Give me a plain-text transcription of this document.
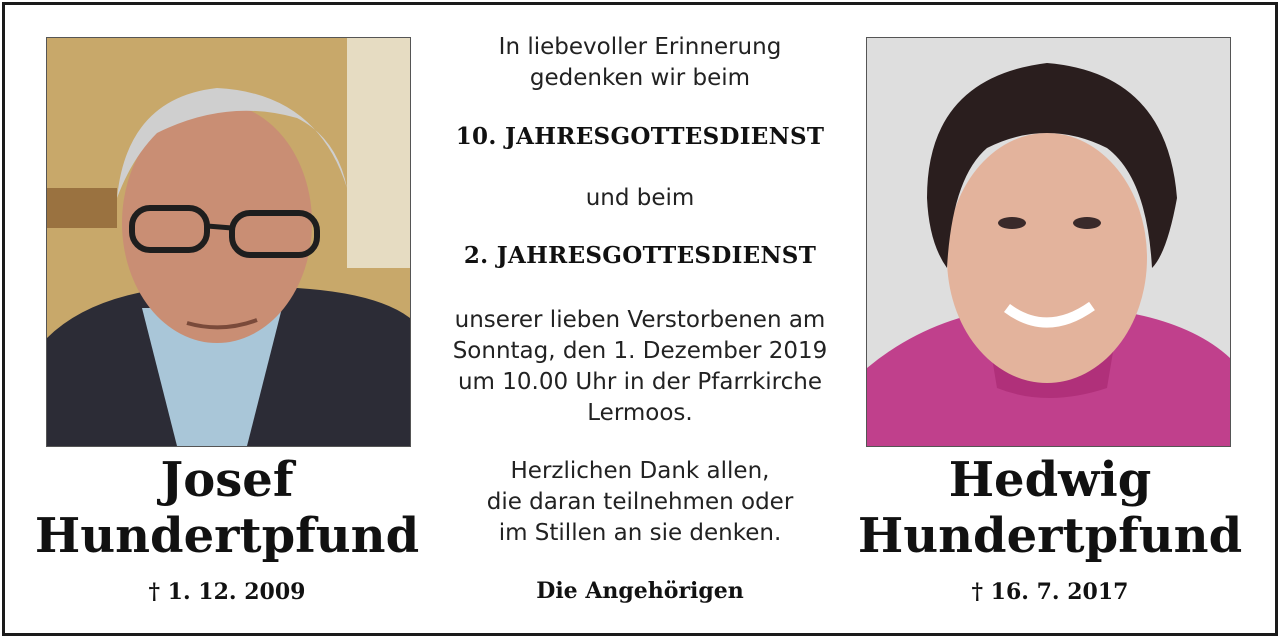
Josef
Hundertpfund
† 1. 12. 2009
Hedwig
Hundertpfund
† 16. 7. 2017
In liebevoller Erinnerung
gedenken wir beim
10. JAHRESGOTTESDIENST
und beim
2. JAHRESGOTTESDIENST
unserer lieben Verstorbenen am
Sonntag, den 1. Dezember 2019
um 10.00 Uhr in der Pfarrkirche
Lermoos.
Herzlichen Dank allen,
die daran teilnehmen oder
im Stillen an sie denken.
Die Angehörigen
